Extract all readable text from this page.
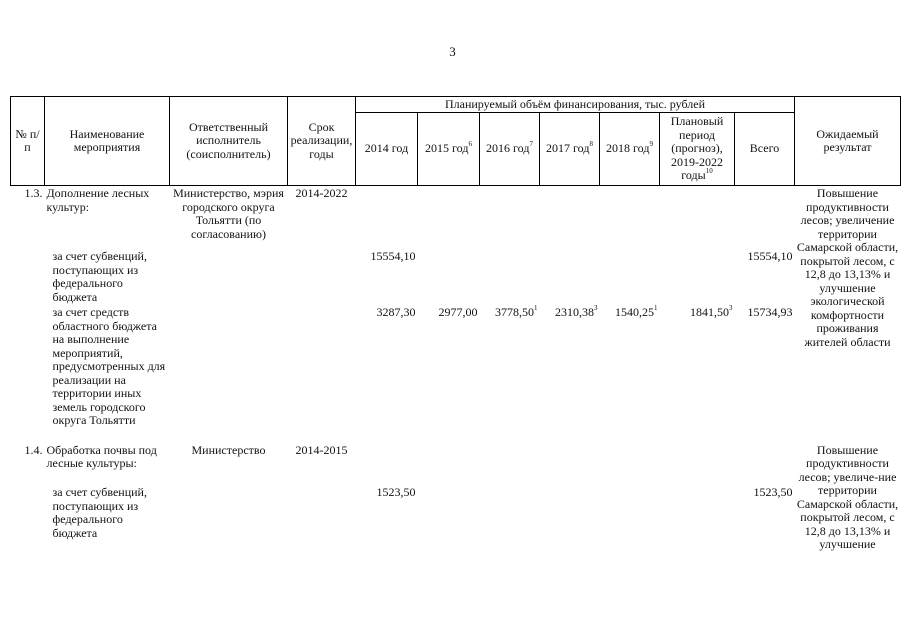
3
№ п/п	Наименование мероприятия	Ответственный исполнитель (соисполнитель)	Срок реализации, годы	Планируемый объём финансирования, тыс. рублей							Ожидаемый результат
				2014 год	2015 год$^6$	2016 год$^7$	2017 год$^8$	2018 год$^9$	Плановый период (прогноз), 2019-2022 годы$^{10}$	Всего	
1.3.	Дополнение лесных культур:	Министерство, мэрия городского округа Тольятти (по согласованию)	2014-2022								Повышение продуктивности лесов; увеличение территории Самарской области, покрытой лесом, с 12,8 до 13,13% и улучшение экологической комфортности проживания жителей области
	за счет субвенций, поступающих из федерального бюджета			15554,10						15554,10	
	за счет средств областного бюджета на выполнение мероприятий, предусмотренных для реализации на территории иных земель городского округа Тольятти			3287,30	2977,00	3778,50$^1$	2310,38$^3$	1540,25$^1$	1841,50$^3$	15734,93	
1.4.	Обработка почвы под лесные культуры:	Министерство	2014-2015								Повышение продуктивности лесов; увеличе-ние территории Самарской области, покрытой лесом, с 12,8 до 13,13% и улучшение
	за счет субвенций, поступающих из федерального бюджета			1523,50						1523,50	
